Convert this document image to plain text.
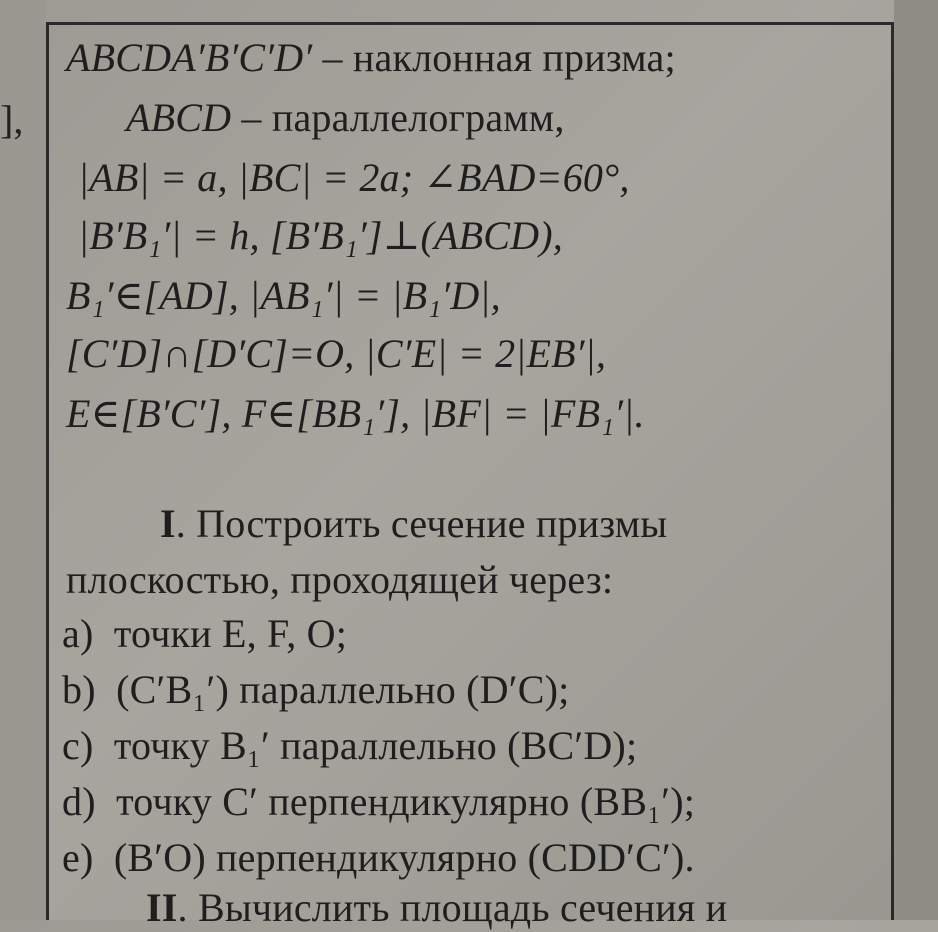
],
ABCDA′B′C′D′ – наклонная призма;
ABCD – параллелограмм,
|AB| = a, |BC| = 2a; ∠BAD=60°,
|B′B₁′| = h, [B′B₁′]⊥(ABCD),
B₁′∈[AD], |AB₁′| = |B₁′D|,
[C′D]∩[D′C]=O, |C′E| = 2|EB′|,
E∈[B′C′], F∈[BB₁′], |BF| = |FB₁′|.
I. Построить сечение призмы
плоскостью, проходящей через:
a) точки E, F, O;
b) (C′B₁′) параллельно (D′C);
c) точку B₁′ параллельно (BC′D);
d) точку C′ перпендикулярно (BB₁′);
e) (B′O) перпендикулярно (CDD′C′).
II. Вычислить площадь сечения и
